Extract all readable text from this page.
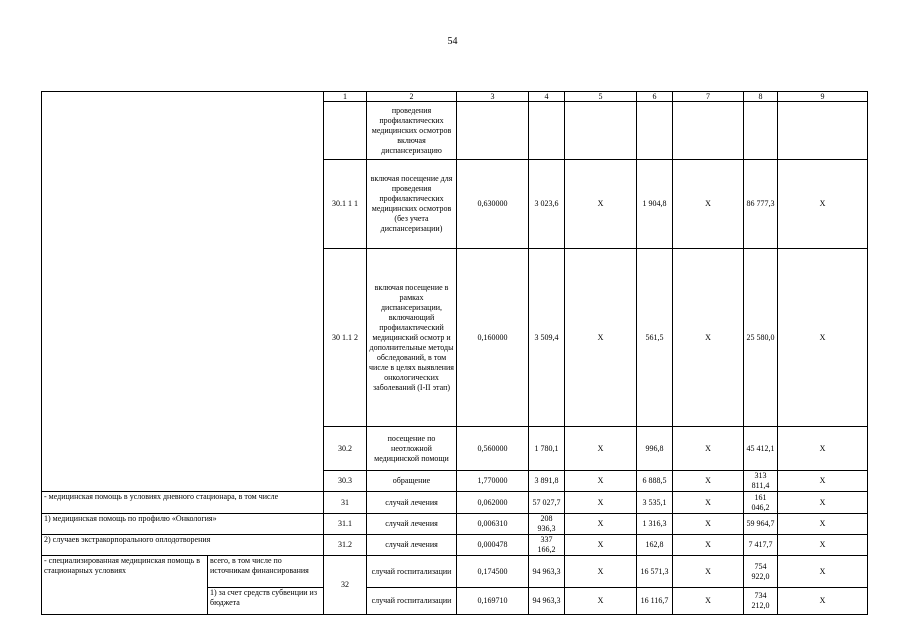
54
		1	2	3	4	5	6	7	8	9
			проведения профилактических медицинских осмотров включая диспансеризацию							
		30.1 1 1	включая посещение для проведения профилактических медицинских осмотров (без учета диспансеризации)	0,630000	3 023,6	X	1 904,8	X	86 777,3	X
		30 1.1 2	включая посещение в рамках диспансеризации, включающий профилактический медицинский осмотр и дополнительные методы обследований, в том числе в целях выявления онкологических заболеваний (I-II этап)	0,160000	3 509,4	X	561,5	X	25 580,0	X
		30.2	посещение по неотложной медицинской помощи	0,560000	1 780,1	X	996,8	X	45 412,1	X
		30.3	обращение	1,770000	3 891,8	X	6 888,5	X	313 811,4	X
- медицинская помощь в условиях дневного стационара, в том числе		31	случай лечения	0,062000	57 027,7	X	3 535,1	X	161 046,2	X
1) медицинская помощь по профилю «Онкология»		31.1	случай лечения	0,006310	208 936,3	X	1 316,3	X	59 964,7	X
2) случаев экстракорпорального оплодотворения		31.2	случай лечения	0,000478	337 166,2	X	162,8	X	7 417,7	X
- специализированная медицинская помощь в стационарных условиях	всего, в том числе по источникам финансирования	32	случай госпитализации	0,174500	94 963,3	X	16 571,3	X	754 922,0	X
	1) за счет средств субвенции из бюджета		случай госпитализации	0,169710	94 963,3	X	16 116,7	X	734 212,0	X
